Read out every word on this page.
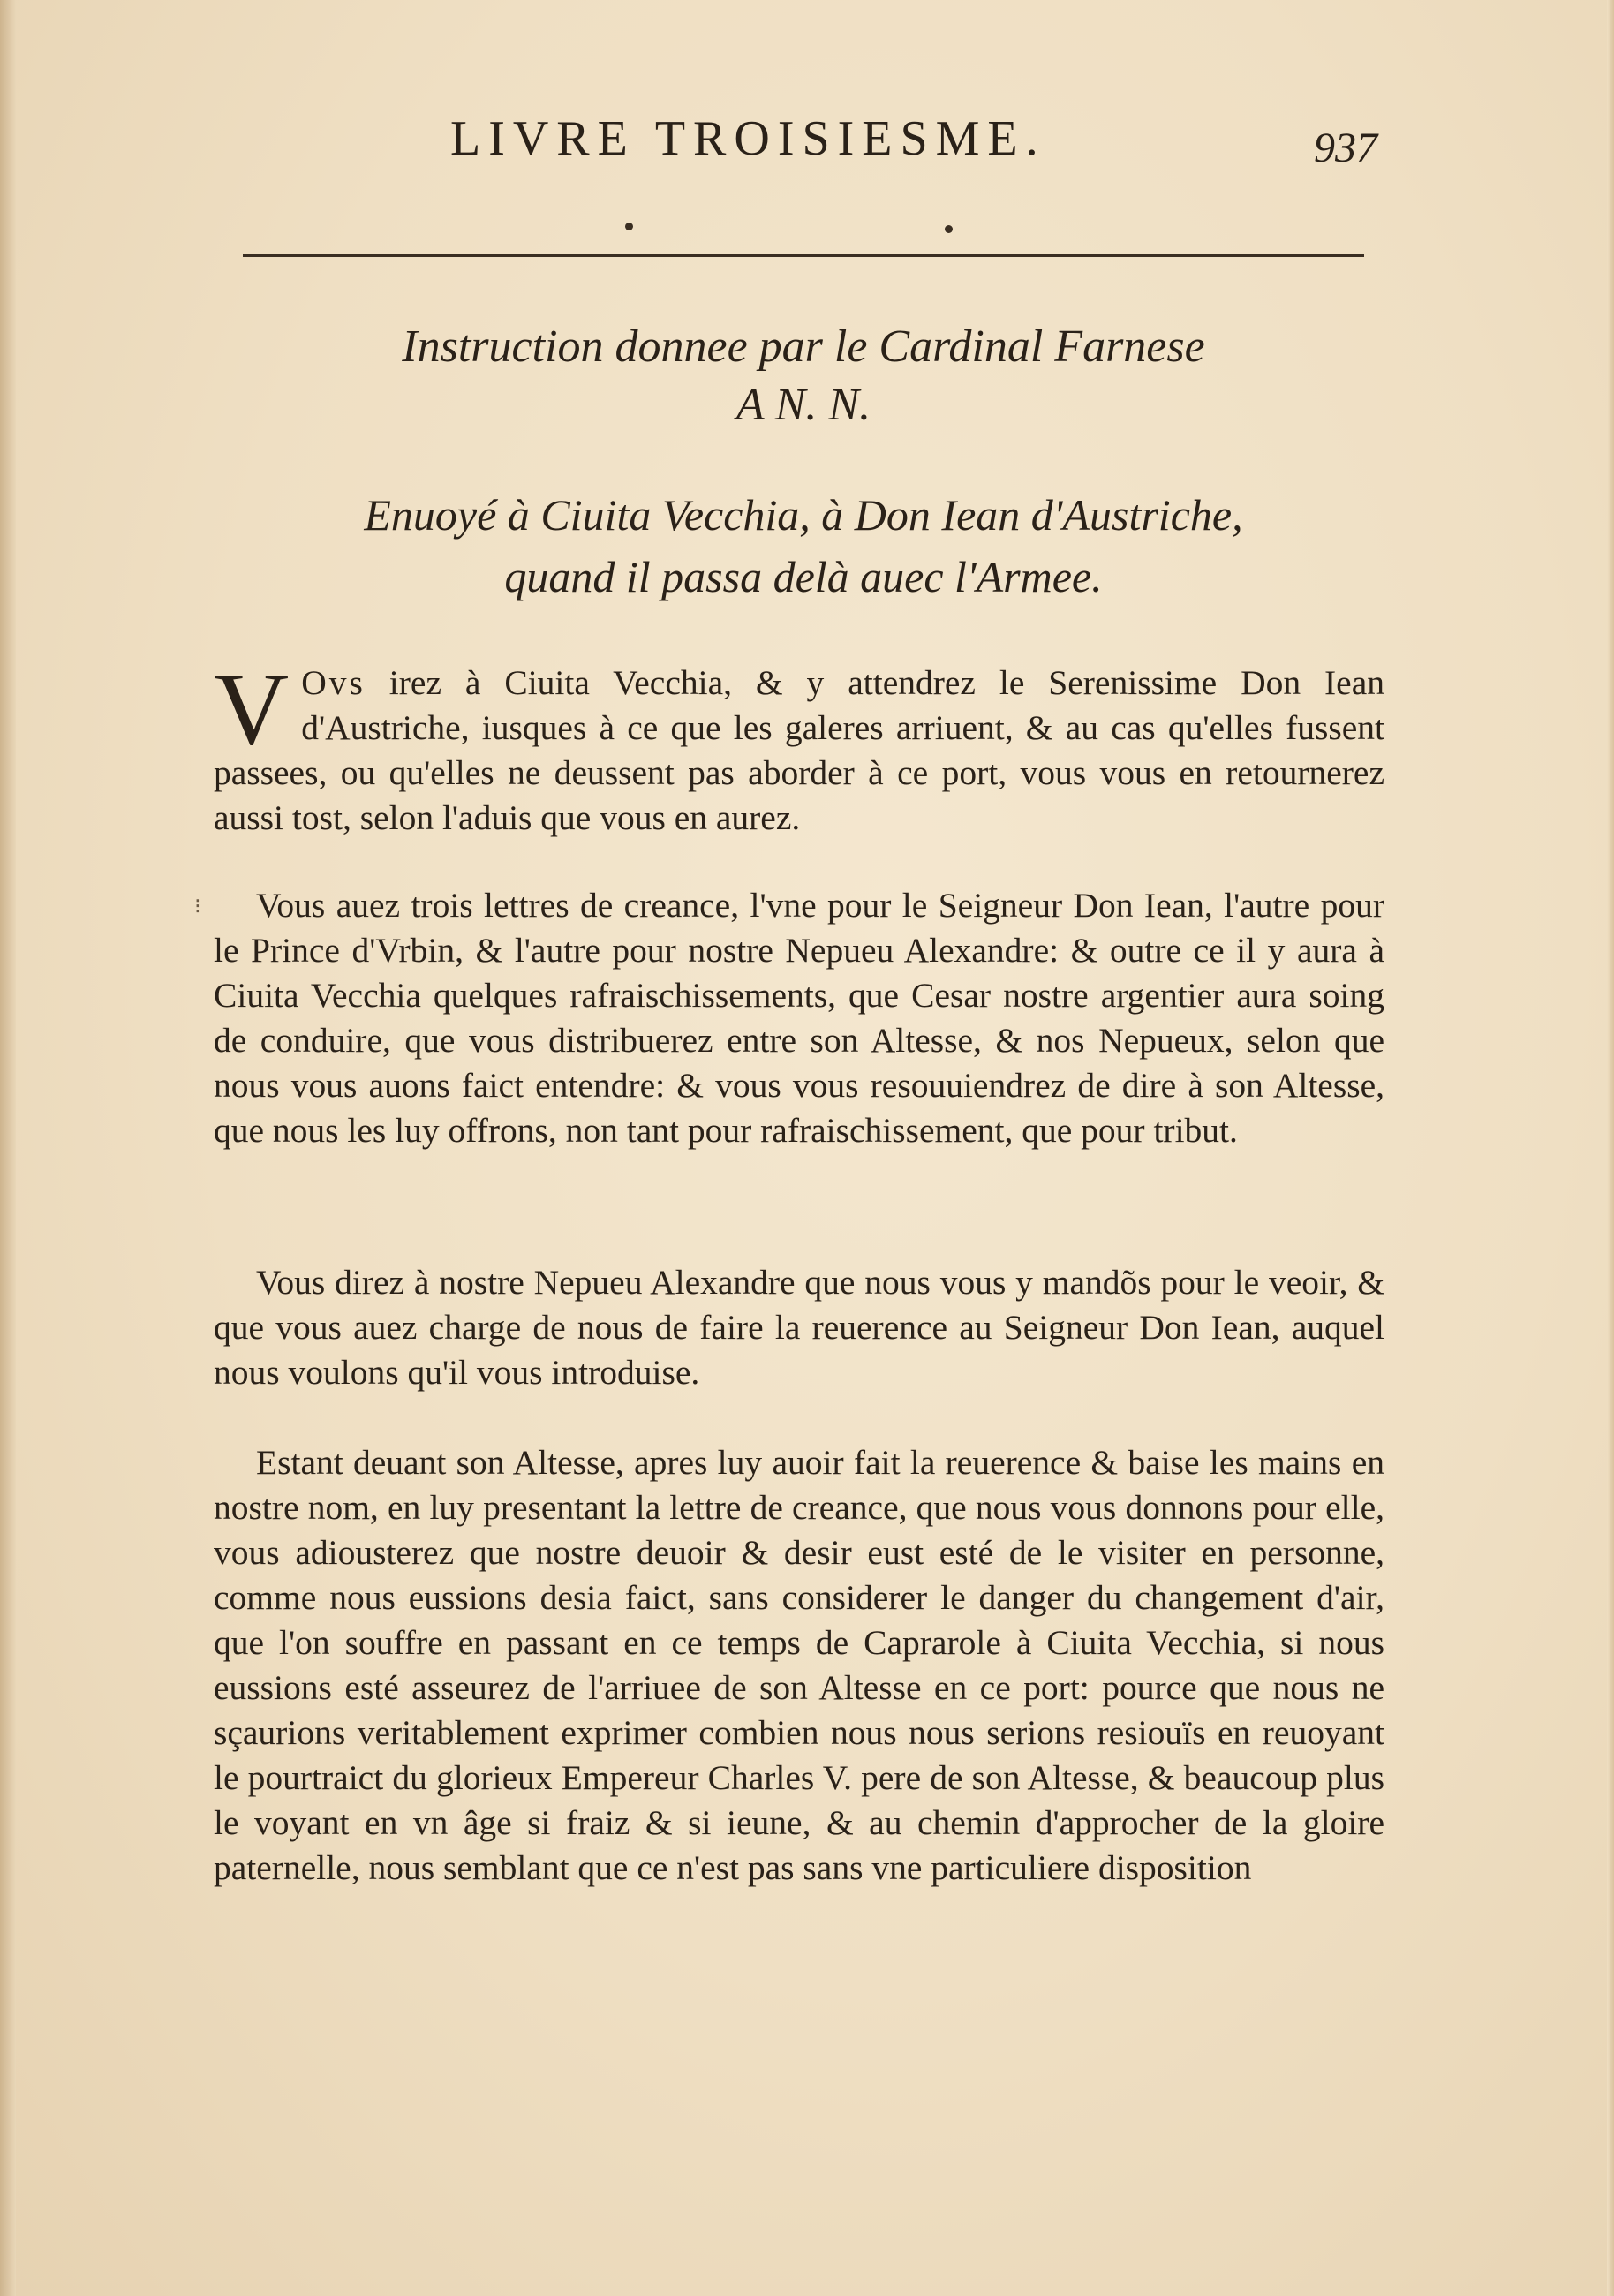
LIVRE TROISIESME.	937
Instruction donnee par le Cardinal Farnese
A N. N.
Enuoyé à Ciuita Vecchia, à Don Iean d'Austriche,
quand il passa delà auec l'Armee.
V Ovs irez à Ciuita Vecchia, & y attendrez le Serenissime Don Iean d'Austriche, iusques à ce que les galeres arriuent, & au cas qu'elles fussent passees, ou qu'elles ne deussent pas aborder à ce port, vous vous en retournerez aussi tost, selon l'aduis que vous en aurez.
⁝	Vous auez trois lettres de creance, l'vne pour le Seigneur Don Iean, l'autre pour le Prince d'Vrbin, & l'autre pour nostre Nepueu Alexandre: & outre ce il y aura à Ciuita Vecchia quelques rafraischissements, que Cesar nostre argentier aura soing de conduire, que vous distribuerez entre son Altesse, & nos Nepueux, selon que nous vous auons faict entendre: & vous vous resouuiendrez de dire à son Altesse, que nous les luy offrons, non tant pour rafraischissement, que pour tribut.
Vous direz à nostre Nepueu Alexandre que nous vous y mandõs pour le veoir, & que vous auez charge de nous de faire la reuerence au Seigneur Don Iean, auquel nous voulons qu'il vous introduise.
Estant deuant son Altesse, apres luy auoir fait la reuerence & baise les mains en nostre nom, en luy presentant la lettre de creance, que nous vous donnons pour elle, vous adiousterez que nostre deuoir & desir eust esté de le visiter en personne, comme nous eussions desia faict, sans considerer le danger du changement d'air, que l'on souffre en passant en ce temps de Caprarole à Ciuita Vecchia, si nous eussions esté asseurez de l'arriuee de son Altesse en ce port: pource que nous ne sçaurions veritablement exprimer combien nous nous serions resiouïs en reuoyant le pourtraict du glorieux Empereur Charles V. pere de son Altesse, & beaucoup plus le voyant en vn âge si fraiz & si ieune, & au chemin d'approcher de la gloire paternelle, nous semblant que ce n'est pas sans vne particuliere disposition
